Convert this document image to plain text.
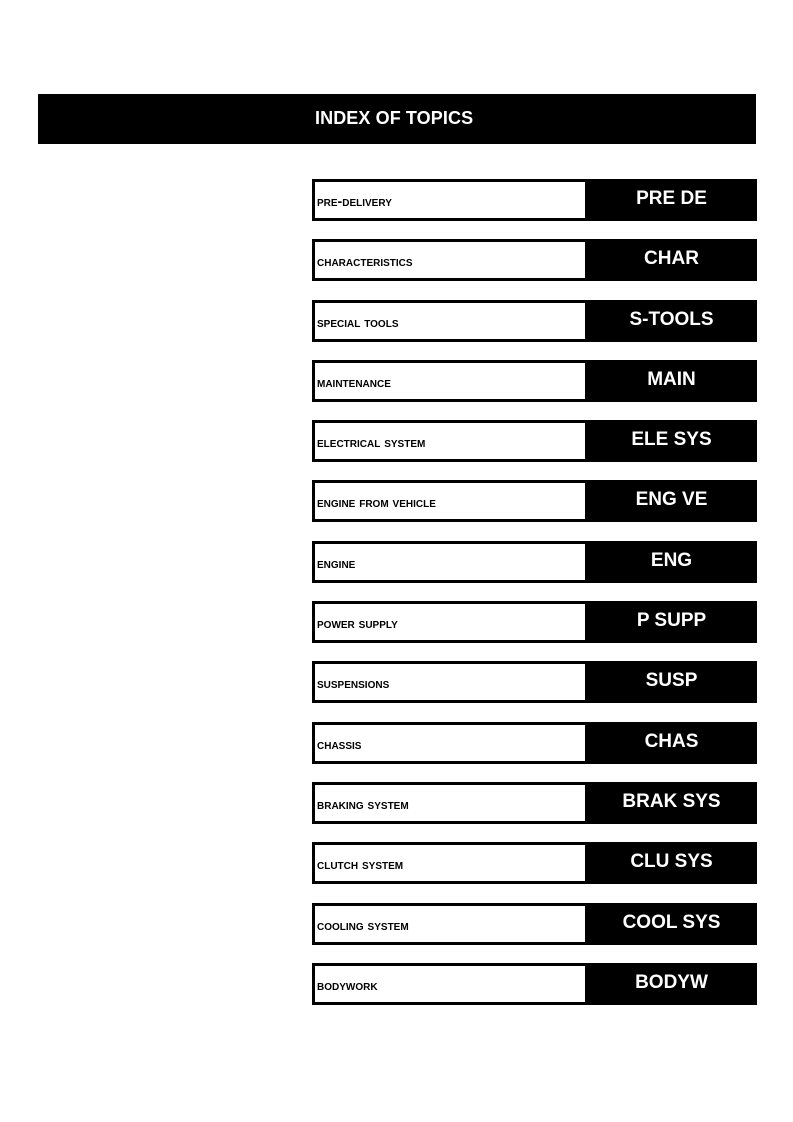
INDEX OF TOPICS
pre-delivery	PRE DE
characteristics	CHAR
special tools	S-TOOLS
maintenance	MAIN
electrical system	ELE SYS
engine from vehicle	ENG VE
engine	ENG
power supply	P SUPP
suspensions	SUSP
chassis	CHAS
braking system	BRAK SYS
clutch system	CLU SYS
cooling system	COOL SYS
bodywork	BODYW
